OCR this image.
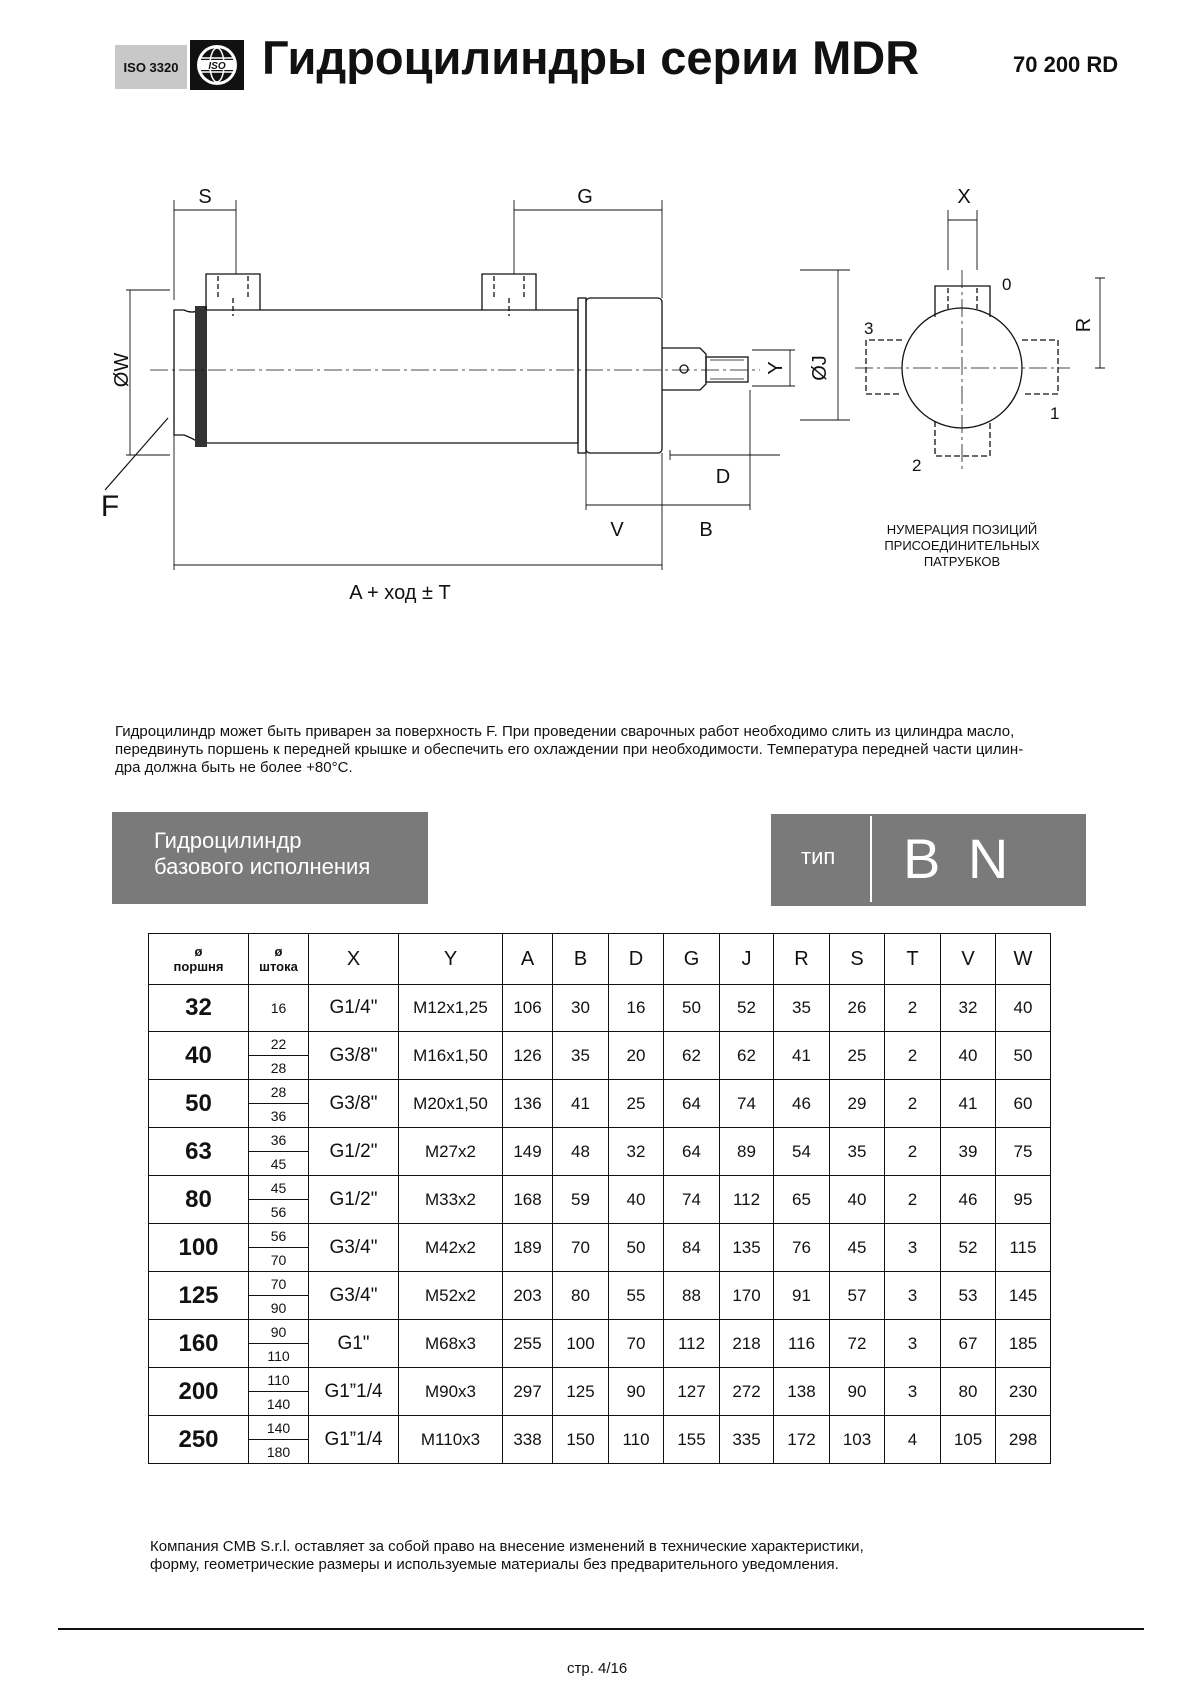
ISO 3320	ISO Гидроцилиндры серии MDR	70 200 RD
S	G	X
ØW	ØJ
Y
R
D
V	B
F
A + ход ± T
0
1
2
3
НУМЕРАЦИЯ ПОЗИЦИЙ
ПРИСОЕДИНИТЕЛЬНЫХ
ПАТРУБКОВ
Гидроцилиндр может быть приварен за поверхность F. При проведении сварочных работ необходимо слить из цилиндра масло,
передвинуть поршень к передней крышке и обеспечить его охлаждении при необходимости. Температура передней части цилин-
дра должна быть не более +80°C.
Гидроцилиндр
базового исполнения	тип B N
ø
поршня	ø
штока	X	Y	A	B	D	G	J	R	S	T	V	W
32	16	G1/4"	M12x1,25	106	30	16	50	52	35	26	2	32	40
40	22	G3/8"	M16x1,50	126	35	20	62	62	41	25	2	40	50
	28												
50	28	G3/8"	M20x1,50	136	41	25	64	74	46	29	2	41	60
	36												
63	36	G1/2"	M27x2	149	48	32	64	89	54	35	2	39	75
	45												
80	45	G1/2"	M33x2	168	59	40	74	112	65	40	2	46	95
	56												
100	56	G3/4"	M42x2	189	70	50	84	135	76	45	3	52	115
	70												
125	70	G3/4"	M52x2	203	80	55	88	170	91	57	3	53	145
	90												
160	90	G1"	M68x3	255	100	70	112	218	116	72	3	67	185
	110												
200	110	G1”1/4	M90x3	297	125	90	127	272	138	90	3	80	230
	140												
250	140	G1”1/4	M110x3	338	150	110	155	335	172	103	4	105	298
	180												
Компания CMB S.r.l. оставляет за собой право на внесение изменений в технические характеристики,
форму, геометрические размеры и используемые материалы без предварительного уведомления.
стр. 4/16
